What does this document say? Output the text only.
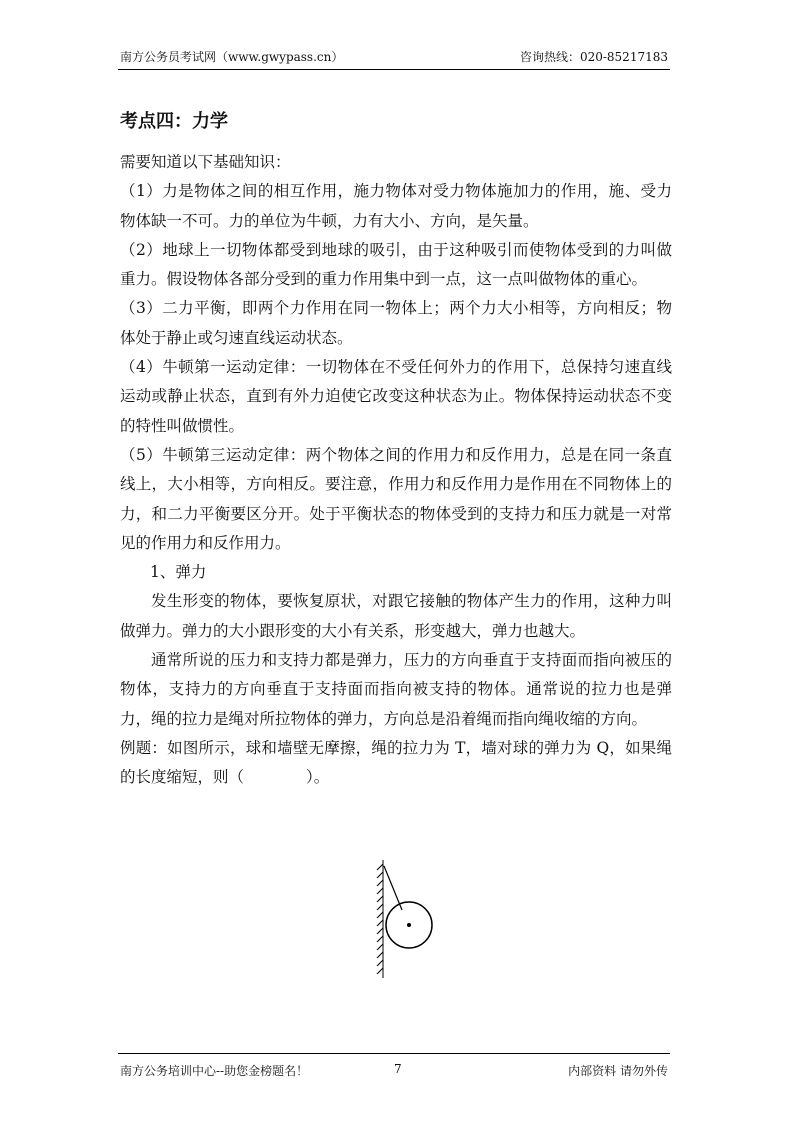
南方公务员考试网（www.gwypass.cn）	咨询热线：020-85217183
考点四：力学

需要知道以下基础知识：

（1）力是物体之间的相互作用，施力物体对受力物体施加力的作用，施、受力物体缺一不可。力的单位为牛顿，力有大小、方向，是矢量。

（2）地球上一切物体都受到地球的吸引，由于这种吸引而使物体受到的力叫做重力。假设物体各部分受到的重力作用集中到一点，这一点叫做物体的重心。

（3）二力平衡，即两个力作用在同一物体上；两个力大小相等，方向相反；物体处于静止或匀速直线运动状态。

（4）牛顿第一运动定律：一切物体在不受任何外力的作用下，总保持匀速直线运动或静止状态，直到有外力迫使它改变这种状态为止。物体保持运动状态不变的特性叫做惯性。

（5）牛顿第三运动定律：两个物体之间的作用力和反作用力，总是在同一条直线上，大小相等，方向相反。要注意，作用力和反作用力是作用在不同物体上的力，和二力平衡要区分开。处于平衡状态的物体受到的支持力和压力就是一对常见的作用力和反作用力。

1、弹力

发生形变的物体，要恢复原状，对跟它接触的物体产生力的作用，这种力叫做弹力。弹力的大小跟形变的大小有关系，形变越大，弹力也越大。

通常所说的压力和支持力都是弹力，压力的方向垂直于支持面而指向被压的物体，支持力的方向垂直于支持面而指向被支持的物体。通常说的拉力也是弹力，绳的拉力是绳对所拉物体的弹力，方向总是沿着绳而指向绳收缩的方向。

例题：如图所示，球和墙壁无摩擦，绳的拉力为 T，墙对球的弹力为 Q，如果绳的长度缩短，则（　　　　）。

南方公务培训中心--助您金榜题名！	7	内部资料 请勿外传
